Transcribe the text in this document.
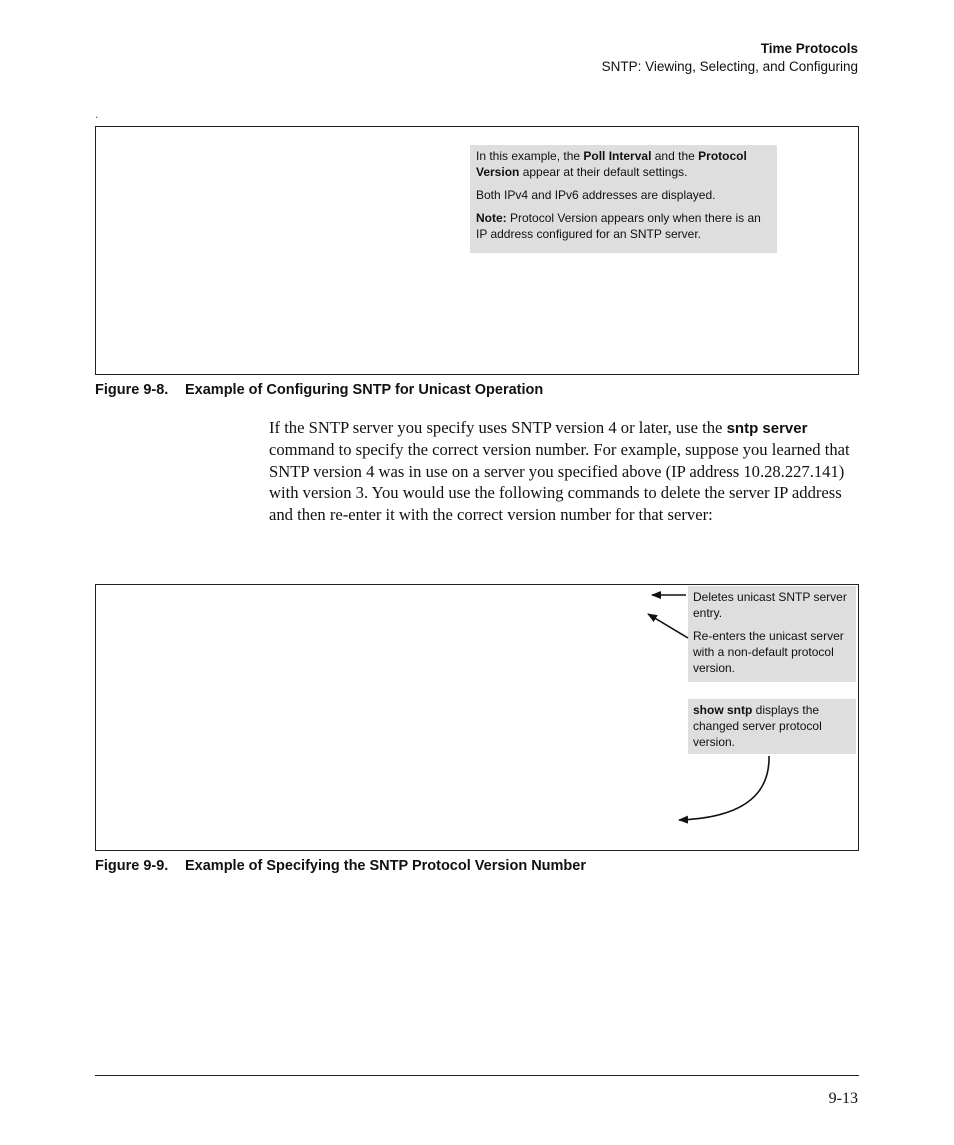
Time Protocols
SNTP: Viewing, Selecting, and Configuring
.

In this example, the Poll Interval and the Protocol Version appear at their default settings.

Both IPv4 and IPv6 addresses are displayed.

Note: Protocol Version appears only when there is an IP address configured for an SNTP server.

Figure 9-8. Example of Configuring SNTP for Unicast Operation
If the SNTP server you specify uses SNTP version 4 or later, use the sntp server command to specify the correct version number. For example, suppose you learned that SNTP version 4 was in use on a server you specified above (IP address 10.28.227.141) with version 3. You would use the following commands to delete the server IP address and then re-enter it with the correct version number for that server:

Deletes unicast SNTP server entry.

Re-enters the unicast server with a non-default protocol version.

show sntp displays the changed server protocol version.

Figure 9-9. Example of Specifying the SNTP Protocol Version Number
9-13
